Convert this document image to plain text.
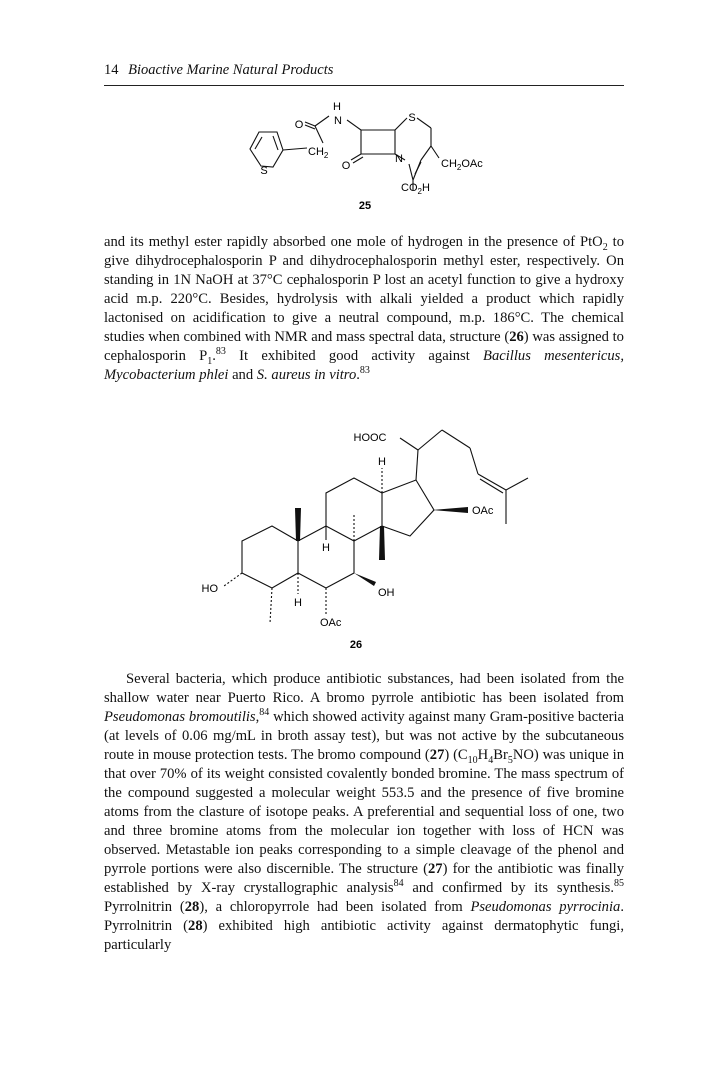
14 Bioactive Marine Natural Products
H
N
O
S
$CH_2$
O
N
S
$CH_2OAc$
$CO_2H$
25

and its methyl ester rapidly absorbed one mole of hydrogen in the presence of PtO$_2$ to give dihydrocephalosporin P and dihydrocephalosporin methyl ester, respectively. On standing in 1N NaOH at 37°C cephalosporin P lost an acetyl function to give a hydroxy acid m.p. 220°C. Besides, hydrolysis with alkali yielded a product which rapidly lactonised on acidification to give a neutral compound, m.p. 186°C. The chemical studies when combined with NMR and mass spectral data, structure (26) was assigned to cephalosporin $P_1.^{83}$ It exhibited good activity against Bacillus mesentericus, Mycobacterium phlei and S. aureus in vitro.$^{83}$

HOOC
H
OAc
H
HO	OH
H
OAc
26

Several bacteria, which produce antibiotic substances, had been isolated from the shallow water near Puerto Rico. A bromo pyrrole antibiotic has been isolated from Pseudomonas bromoutilis,$^{84}$ which showed activity against many Gram-positive bacteria (at levels of 0.06 mg/mL in broth assay test), but was not active by the subcutaneous route in mouse protection tests. The bromo compound (27) $(C_{10}H_4Br_5NO)$ was unique in that over 70% of its weight consisted covalently bonded bromine. The mass spectrum of the compound suggested a molecular weight 553.5 and the presence of five bromine atoms from the clasture of isotope peaks. A preferential and sequential loss of one, two and three bromine atoms from the molecular ion together with loss of HCN was observed. Metastable ion peaks corresponding to a simple cleavage of the phenol and pyrrole portions were also discernible. The structure (27) for the antibiotic was finally established by X-ray crystallographic analysis$^{84}$ and confirmed by its synthesis.$^{85}$ Pyrrolnitrin (28), a chloropyrrole had been isolated from Pseudomonas pyrrocinia. Pyrrolnitrin (28) exhibited high antibiotic activity against dermatophytic fungi, particularly
